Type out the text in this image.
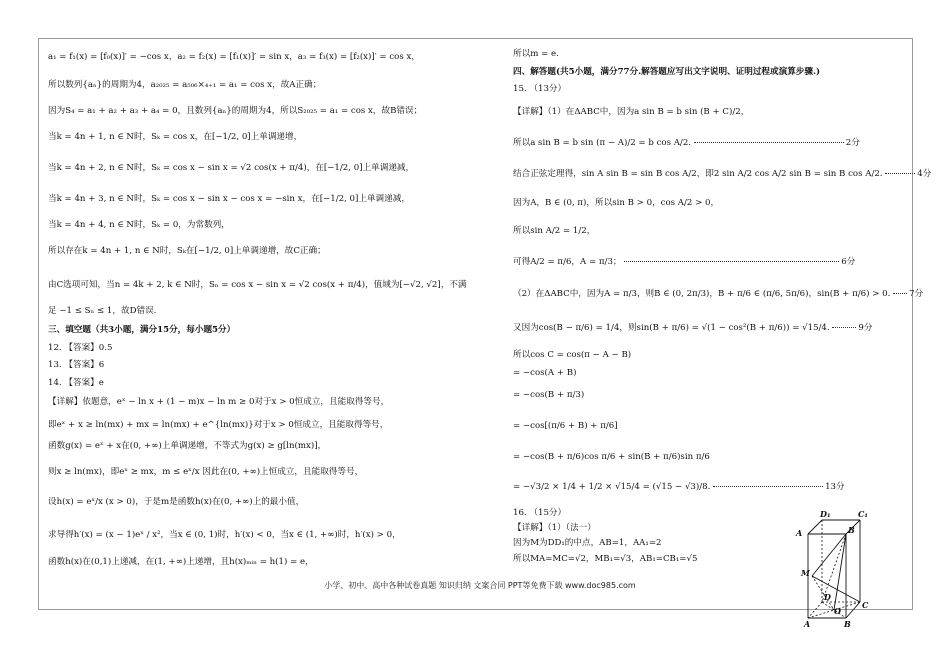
a₁ = f₁(x) = [f₀(x)]′ = −cos x，a₂ = f₂(x) = [f₁(x)]′ = sin x，a₃ = f₃(x) = [f₂(x)]′ = cos x，
所以数列{aₙ}的周期为4，a₂₀₂₅ = a₅₀₆×₄₊₁ = a₁ = cos x，故A正确；
因为S₄ = a₁ + a₂ + a₃ + a₄ = 0，且数列{aₙ}的周期为4，所以S₂₀₂₅ = a₁ = cos x，故B错误；
当k = 4n + 1, n ∈ N时，Sₖ = cos x，在[−1/2, 0]上单调递增，
当k = 4n + 2, n ∈ N时，Sₖ = cos x − sin x = √2 cos(x + π/4)，在[−1/2, 0]上单调递减，
当k = 4n + 3, n ∈ N时，Sₖ = cos x − sin x − cos x = −sin x，在[−1/2, 0]上单调递减，
当k = 4n + 4, n ∈ N时，Sₖ = 0，为常数列，
所以存在k = 4n + 1, n ∈ N时，Sₖ在[−1/2, 0]上单调递增，故C正确；
由C选项可知，当n = 4k + 2, k ∈ N时，Sₙ = cos x − sin x = √2 cos(x + π/4)，值域为[−√2, √2]，不满
足 −1 ≤ Sₙ ≤ 1，故D错误.
三、填空题（共3小题，满分15分，每小题5分）
12. 【答案】0.5
13. 【答案】6
14. 【答案】e
【详解】依题意，eˣ − ln x + (1 − m)x − ln m ≥ 0对于x > 0恒成立，且能取得等号，
即eˣ + x ≥ ln(mx) + mx = ln(mx) + e^{ln(mx)}对于x > 0恒成立，且能取得等号，
函数g(x) = eˣ + x在(0, +∞)上单调递增，不等式为g(x) ≥ g[ln(mx)]，
则x ≥ ln(mx)，即eˣ ≥ mx，m ≤ eˣ/x 因此在(0, +∞)上恒成立，且能取得等号，
设h(x) = eˣ/x (x > 0)，于是m是函数h(x)在(0, +∞)上的最小值，
求导得h′(x) = (x − 1)eˣ / x²，当x ∈ (0, 1)时，h′(x) < 0，当x ∈ (1, +∞)时，h′(x) > 0，
函数h(x)在(0,1)上递减，在(1, +∞)上递增，且h(x)ₘᵢₙ = h(1) = e，
所以m = e.
四、解答题(共5小题，满分77分.解答题应写出文字说明、证明过程或演算步骤.)
15. （13分）
【详解】（1）在ΔABC中，因为a sin B = b sin (B + C)/2，
所以a sin B = b sin (π − A)/2 = b cos A/2.	2分
结合正弦定理得，sin A sin B = sin B cos A/2，即2 sin A/2 cos A/2 sin B = sin B cos A/2.	4分
因为A，B ∈ (0, π)，所以sin B > 0，cos A/2 > 0，
所以sin A/2 = 1/2，
可得A/2 = π/6，A = π/3；	6分
（2）在ΔABC中，因为A = π/3，则B ∈ (0, 2π/3)，B + π/6 ∈ (π/6, 5π/6)，sin(B + π/6) > 0. 7分
又因为cos(B − π/6) = 1/4，则sin(B + π/6) = √(1 − cos²(B + π/6)) = √15/4.	9分
所以cos C = cos(π − A − B)
= −cos(A + B)
= −cos(B + π/3)
= −cos[(π/6 + B) + π/6]
= −cos(B + π/6)cos π/6 + sin(B + π/6)sin π/6
= −√3/2 × 1/4 + 1/2 × √15/4 = (√15 − √3)/8.	13分
16. （15分）
【详解】（1）（法一）
因为M为DD₁的中点，AB=1，AA₁=2
所以MA=MC=√2，MB₁=√3，AB₁=CB₁=√5
D₁	C₁
A	B
M
D
O
C
A	B
小学、初中、高中各种试卷真题 知识归纳 文案合同 PPT等免费下载 www.doc985.com
